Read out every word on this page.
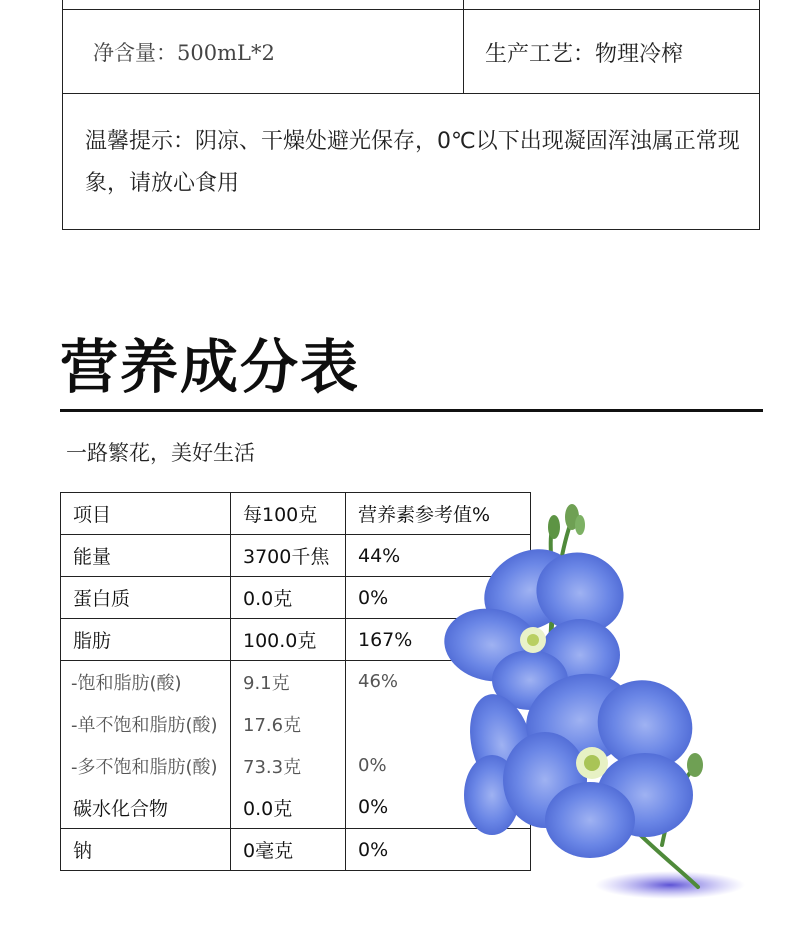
净含量：500mL*2	生产工艺：物理冷榨
温馨提示：阴凉、干燥处避光保存，0℃以下出现凝固浑浊属正常现象，请放心食用
营养成分表
一路繁花，美好生活
项目	每100克	营养素参考值%
能量	3700千焦	44%
蛋白质	0.0克	0%
脂肪	100.0克	167%
-饱和脂肪(酸)	9.1克	46%
-单不饱和脂肪(酸)	17.6克	
-多不饱和脂肪(酸)	73.3克	0%
碳水化合物	0.0克	0%
钠	0毫克	0%
